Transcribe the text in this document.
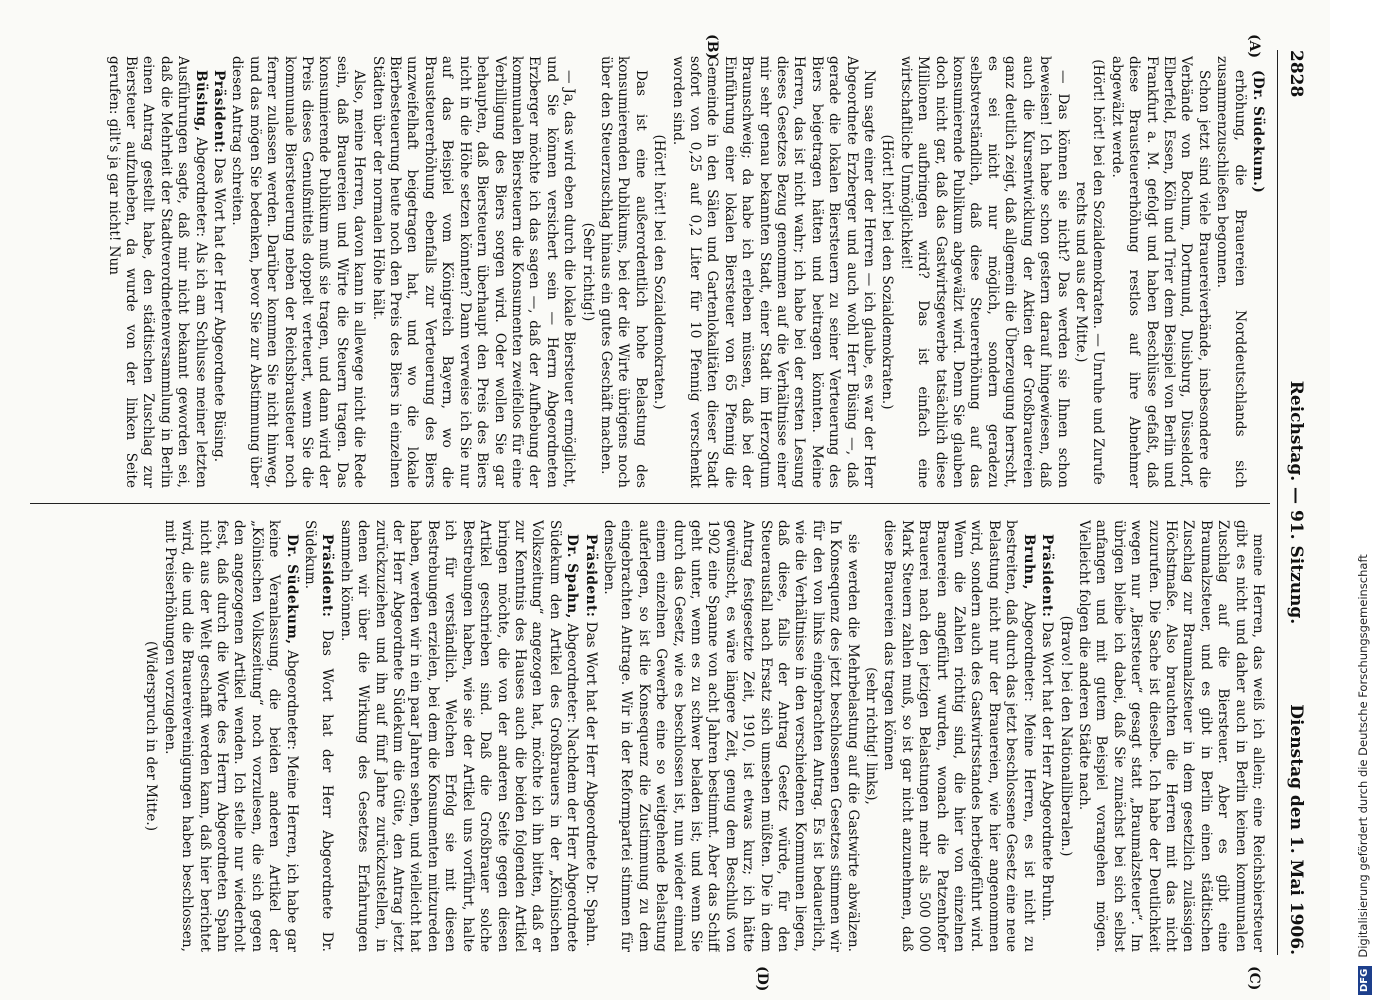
2828
Reichstag. — 91. Sitzung.
Dienstag den 1. Mai 1906.
(A)
(B)
(C)
(D)

(Dr. Südekum.)

erhöhung, die Brauereien Norddeutschlands sich zusammenzuschließen begonnen.

Schon jetzt sind viele Brauereiverbände, insbesondere die Verbände von Bochum, Dortmund, Duisburg, Düsseldorf, Elberfeld, Essen, Köln und Trier dem Beispiel von Berlin und Frankfurt a. M. gefolgt und haben Beschlüsse gefaßt, daß diese Brausteuererhöhung restlos auf ihre Abnehmer abgewälzt werde.

(Hört! hört! bei den Sozialdemokraten. — Unruhe und Zurufe rechts und aus der Mitte.)

— Das können sie nicht? Das werden sie Ihnen schon beweisen! Ich habe schon gestern darauf hingewiesen, daß auch die Kursentwicklung der Aktien der Großbrauereien ganz deutlich zeigt, daß allgemein die Überzeugung herrscht, es sei nicht nur möglich, sondern geradezu selbstverständlich, daß diese Steuererhöhung auf das konsumierende Publikum abgewälzt wird. Denn Sie glauben doch nicht gar, daß das Gastwirtsgewerbe tatsächlich diese Millionen aufbringen wird? Das ist einfach eine wirtschaftliche Unmöglichkeit!

(Hört! hört! bei den Sozialdemokraten.)

Nun sagte einer der Herren — ich glaube, es war der Herr Abgeordnete Erzberger und auch wohl Herr Büsing —, daß gerade die lokalen Biersteuern zu seiner Verteuerung des Biers beigetragen hätten und beitragen könnten. Meine Herren, das ist nicht wahr; ich habe bei der ersten Lesung dieses Gesetzes Bezug genommen auf die Verhältnisse einer mir sehr genau bekannten Stadt, einer Stadt im Herzogtum Braunschweig; da habe ich erleben müssen, daß bei der Einführung einer lokalen Biersteuer von 65 Pfennig die Gemeinde in den Sälen und Gartenlokalitäten dieser Stadt sofort von 0,25 auf 0,2 Liter für 10 Pfennig verschenkt worden sind.

(Hört! hört! bei den Sozialdemokraten.)

Das ist eine außerordentlich hohe Belastung des konsumierenden Publikums, bei der die Wirte übrigens noch über den Steuerzuschlag hinaus ein gutes Geschäft machen.

(Sehr richtig!)

— Ja, das wird eben durch die lokale Biersteuer ermöglicht, und Sie können versichert sein — Herrn Abgeordneten Erzberger möchte ich das sagen —, daß der Aufhebung der kommunalen Biersteuern die Konsumenten zweifellos für eine Verbilligung des Biers sorgen wird. Oder wollen Sie gar behaupten, daß Biersteuern überhaupt den Preis des Biers nicht in die Höhe setzen könnten? Dann verweise ich Sie nur auf das Beispiel vom Königreich Bayern, wo die Brausteuererhöhung ebenfalls zur Verteuerung des Biers unzweifelhaft beigetragen hat, und wo die lokale Bierbesteuerung heute noch den Preis des Biers in einzelnen Städten über der normalen Höhe hält.

Also, meine Herren, davon kann in allewege nicht die Rede sein, daß Brauereien und Wirte die Steuern tragen. Das konsumierende Publikum muß sie tragen, und dann wird der Preis dieses Genußmittels doppelt verteuert, wenn Sie die kommunale Biersteuerung neben der Reichsbrausteuer noch ferner zulassen werden. Darüber kommen Sie nicht hinweg, und das mögen Sie bedenken, bevor Sie zur Abstimmung über diesen Antrag schreiten.

Präsident: Das Wort hat der Herr Abgeordnete Büsing.

Büsing, Abgeordneter: Als ich am Schlusse meiner letzten Ausführungen sagte, daß mir nicht bekannt geworden sei, daß die Mehrheit der Stadtverordnetenversammlung in Berlin einen Antrag gestellt habe, den städtischen Zuschlag zur Biersteuer aufzuheben, da wurde von der linken Seite gerufen: gilt's ja gar nicht! Nun

meine Herren, das weiß ich allein; eine Reichsbiersteuer gibt es nicht und daher auch in Berlin keinen kommunalen Zuschlag auf die Biersteuer. Aber es gibt eine Braumalzsteuer, und es gibt in Berlin einen städtischen Zuschlag zur Braumalzsteuer in dem gesetzlich zulässigen Höchstmaße. Also brauchten die Herren mit das nicht zuzurufen. Die Sache ist dieselbe. Ich habe der Deutlichkeit wegen nur „Biersteuer“ gesagt statt „Braumalzsteuer“. Im übrigen bleibe ich dabei, daß Sie zunächst bei sich selbst anfangen und mit gutem Beispiel vorangehen mögen. Vielleicht folgen die anderen Städte nach.

(Bravo! bei den Nationalliberalen.)

Präsident: Das Wort hat der Herr Abgeordnete Bruhn.

Bruhn, Abgeordneter: Meine Herren, es ist nicht zu bestreiten, daß durch das jetzt beschlossene Gesetz eine neue Belastung nicht nur der Brauereien, wie hier angenommen wird, sondern auch des Gastwirtsstandes herbeigeführt wird. Wenn die Zahlen richtig sind, die hier von einzelnen Brauereien angeführt wurden, wonach die Patzenhofer Brauerei nach den jetzigen Belastungen mehr als 500 000 Mark Steuern zahlen muß, so ist gar nicht anzunehmen, daß diese Brauereien das tragen können

(sehr richtig! links),

sie werden die Mehrbelastung auf die Gastwirte abwälzen. In Konsequenz des jetzt beschlossenen Gesetzes stimmen wir für den von links eingebrachten Antrag. Es ist bedauerlich, wie die Verhältnisse in den verschiedenen Kommunen liegen, daß diese, falls der Antrag Gesetz würde, für den Steuerausfall nach Ersatz sich umsehen müßten. Die in dem Antrag festgesetzte Zeit, 1910, ist etwas kurz; ich hätte gewünscht, es wäre längere Zeit, genug dem Beschluß von 1902 eine Spanne von acht Jahren bestimmt. Aber das Schiff geht unter, wenn es zu schwer beladen ist; und wenn Sie durch das Gesetz, wie es beschlossen ist, nun wieder einmal einem einzelnen Gewerbe eine so weitgehende Belastung auferlegen, so ist die Konsequenz die Zustimmung zu dem eingebrachten Antrage. Wir in der Reformpartei stimmen für denselben.

Präsident: Das Wort hat der Herr Abgeordnete Dr. Spahn.

Dr. Spahn, Abgeordneter: Nachdem der Herr Abgeordnete Südekum den Artikel des Großbrauers in der „Kölnischen Volkszeitung“ angezogen hat, möchte ich ihn bitten, daß er zur Kenntnis des Hauses auch die beiden folgenden Artikel bringen möchte, die von der anderen Seite gegen diesen Artikel geschrieben sind. Daß die Großbrauer solche Bestrebungen haben, wie sie der Artikel uns vorführt, halte ich für verständlich. Welchen Erfolg sie mit diesen Bestrebungen erzielen, bei dem die Konsumenten mitzureden haben, werden wir in ein paar Jahren sehen, und vielleicht hat der Herr Abgeordnete Südekum die Güte, den Antrag jetzt zurückzuziehen und ihn auf fünf Jahre zurückzustellen, in denen wir über die Wirkung des Gesetzes Erfahrungen sammeln können.

Präsident: Das Wort hat der Herr Abgeordnete Dr. Südekum.

Dr. Südekum, Abgeordneter: Meine Herren, ich habe gar keine Veranlassung, die beiden anderen Artikel der „Kölnischen Volkszeitung“ noch vorzulesen, die sich gegen den angezogenen Artikel wenden. Ich stelle nur wiederholt fest, daß durch die Worte des Herrn Abgeordneten Spahn nicht aus der Welt geschafft werden kann, daß hier berichtet wird, die und die Brauereivereinigungen haben beschlossen, mit Preiserhöhungen vorzugehen.

(Widerspruch in der Mitte.)

DFGDigitalisierung gefördert durch die Deutsche Forschungsgemeinschaft
